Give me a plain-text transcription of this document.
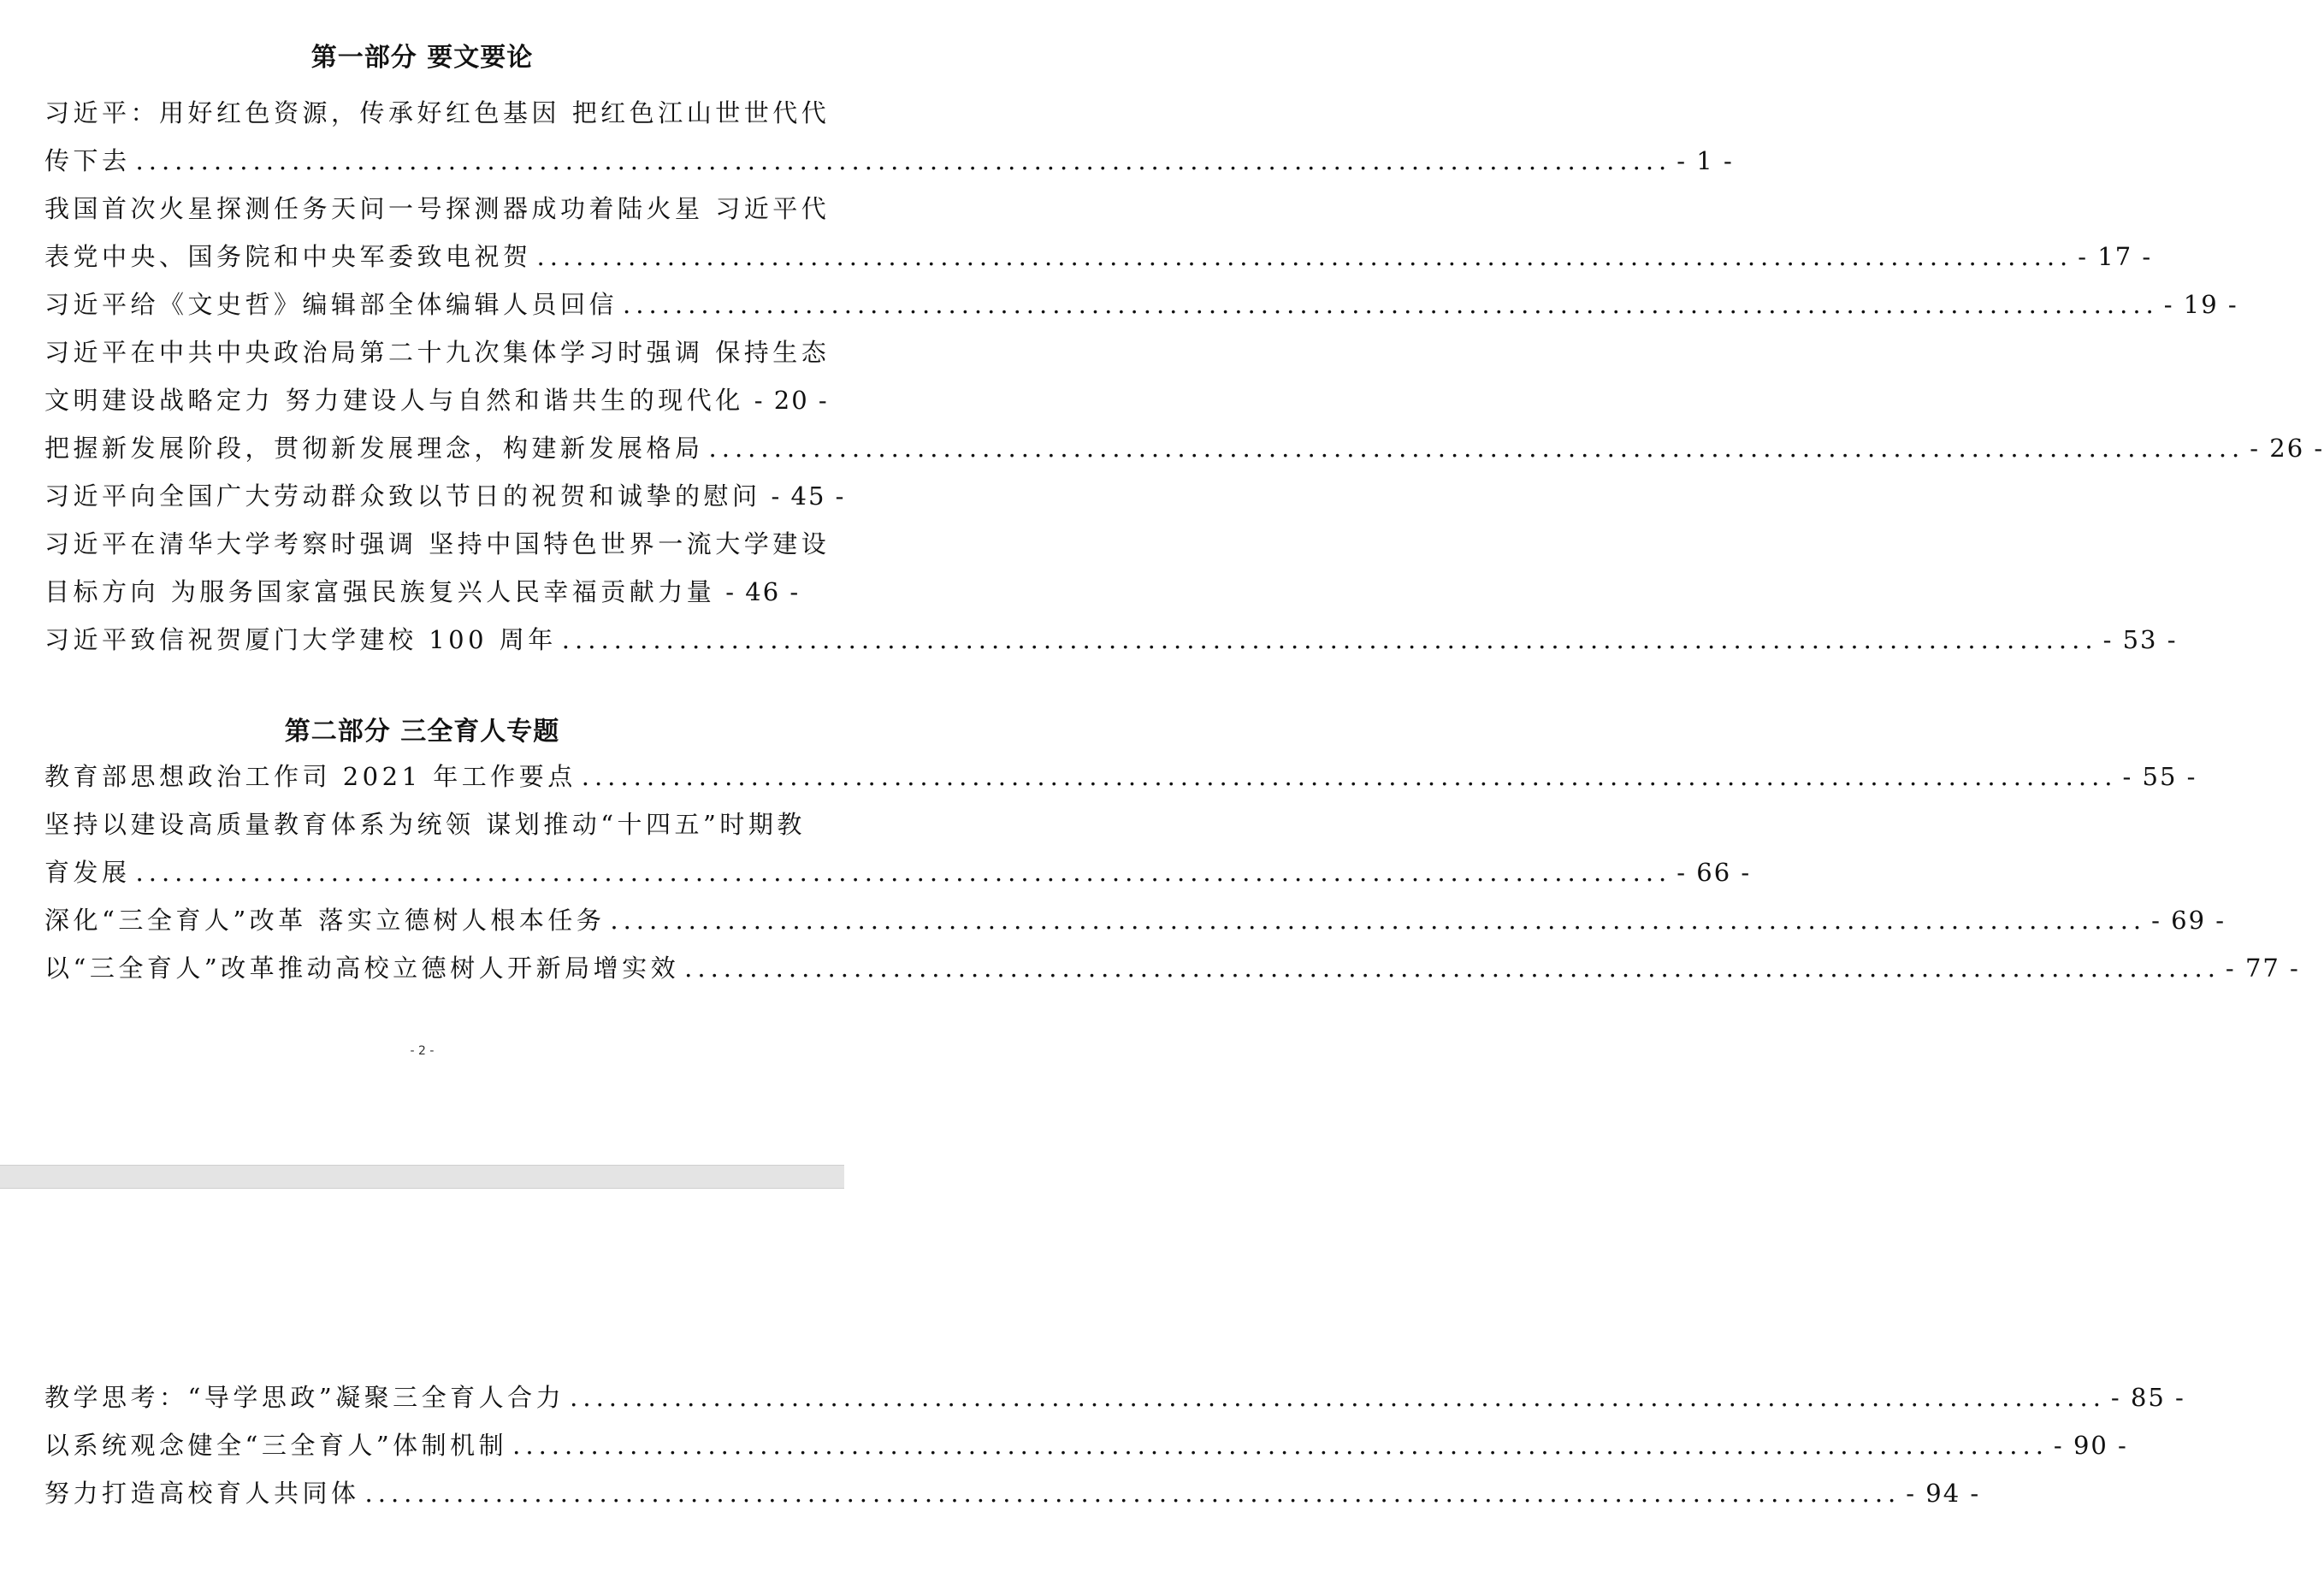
第一部分 要文要论
习近平：用好红色资源，传承好红色基因 把红色江山世世代代
传下去 ...................................................................................................................... - 1 -
我国首次火星探测任务天问一号探测器成功着陆火星 习近平代
表党中央、国务院和中央军委致电祝贺 ...................................................................................................................... - 17 -
习近平给《文史哲》编辑部全体编辑人员回信 ...................................................................................................................... - 19 -
习近平在中共中央政治局第二十九次集体学习时强调 保持生态
文明建设战略定力 努力建设人与自然和谐共生的现代化 - 20 -
把握新发展阶段，贯彻新发展理念，构建新发展格局 ...................................................................................................................... - 26 -
习近平向全国广大劳动群众致以节日的祝贺和诚挚的慰问 - 45 -
习近平在清华大学考察时强调 坚持中国特色世界一流大学建设
目标方向 为服务国家富强民族复兴人民幸福贡献力量 - 46 -
习近平致信祝贺厦门大学建校 100 周年 ...................................................................................................................... - 53 -
第二部分 三全育人专题
教育部思想政治工作司 2021 年工作要点 ...................................................................................................................... - 55 -
坚持以建设高质量教育体系为统领 谋划推动“十四五”时期教
育发展 ...................................................................................................................... - 66 -
深化“三全育人”改革 落实立德树人根本任务 ...................................................................................................................... - 69 -
以“三全育人”改革推动高校立德树人开新局增实效 ...................................................................................................................... - 77 -
- 2 -
教学思考：“导学思政”凝聚三全育人合力 ...................................................................................................................... - 85 -
以系统观念健全“三全育人”体制机制 ...................................................................................................................... - 90 -
努力打造高校育人共同体 ...................................................................................................................... - 94 -
